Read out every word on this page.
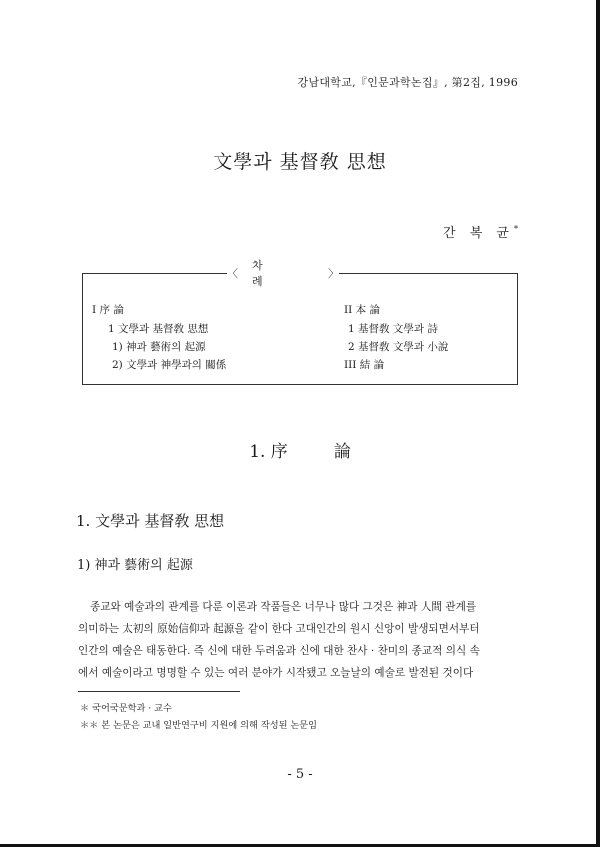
강남대학교,『인문과학논집』, 第2집, 1996
文學과 基督敎 思想
간 복 균*
〈
차 례
〉
I 序 論
1 文學과 基督敎 思想
1) 神과 藝術의 起源
2) 文學과 神學과의 關係
II 本 論
1 基督敎 文學과 詩
2 基督敎 文學과 小說
III 結 論
1. 序	論
1. 文學과 基督敎 思想
1) 神과 藝術의 起源
종교와 예술과의 관계를 다룬 이론과 작품들은 너무나 많다 그것은 神과 人間 관계를
의미하는 太初의 原始信仰과 起源을 같이 한다 고대인간의 원시 신앙이 발생되면서부터
인간의 예술은 태동한다. 즉 신에 대한 두려움과 신에 대한 찬사 · 찬미의 종교적 의식 속
에서 예술이라고 명명할 수 있는 여러 분야가 시작됐고 오늘날의 예술로 발전된 것이다
＊ 국어국문학과 · 교수
＊＊ 본 논문은 교내 일반연구비 지원에 의해 작성된 논문임
- 5 -
